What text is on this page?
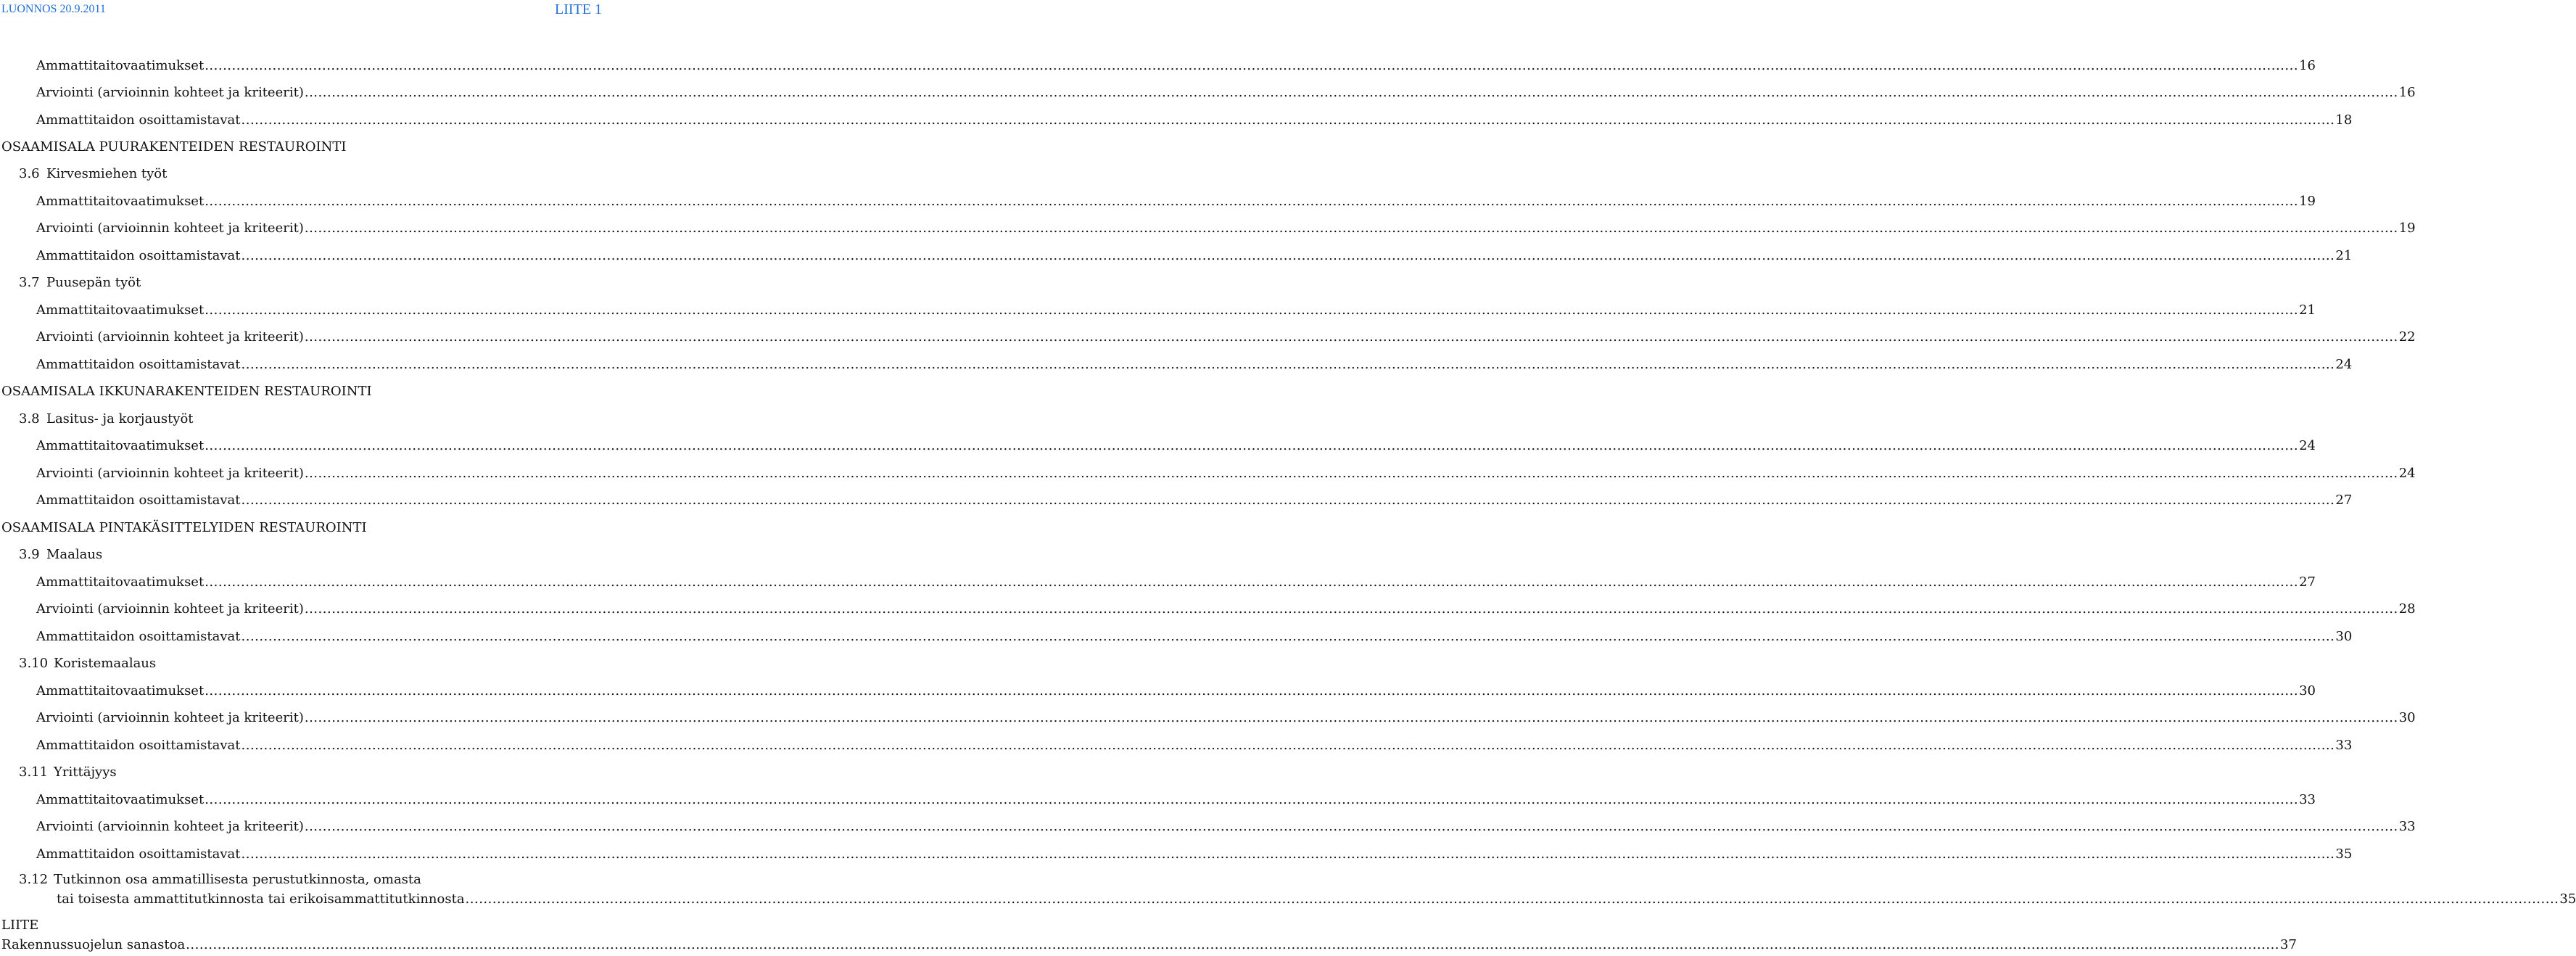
LUONNOS 20.9.2011	LIITE 1
Ammattitaitovaatimukset ................................................................................................................................................................................................................................................................................................................................................................................................................................................................................ 16
Arviointi (arvioinnin kohteet ja kriteerit) ................................................................................................................................................................................................................................................................................................................................................................................................................................................................................ 16
Ammattitaidon osoittamistavat ................................................................................................................................................................................................................................................................................................................................................................................................................................................................................ 18
OSAAMISALA PUURAKENTEIDEN RESTAUROINTI
3.6 Kirvesmiehen työt
Ammattitaitovaatimukset ................................................................................................................................................................................................................................................................................................................................................................................................................................................................................ 19
Arviointi (arvioinnin kohteet ja kriteerit) ................................................................................................................................................................................................................................................................................................................................................................................................................................................................................ 19
Ammattitaidon osoittamistavat ................................................................................................................................................................................................................................................................................................................................................................................................................................................................................ 21
3.7 Puusepän työt
Ammattitaitovaatimukset ................................................................................................................................................................................................................................................................................................................................................................................................................................................................................ 21
Arviointi (arvioinnin kohteet ja kriteerit) ................................................................................................................................................................................................................................................................................................................................................................................................................................................................................ 22
Ammattitaidon osoittamistavat ................................................................................................................................................................................................................................................................................................................................................................................................................................................................................ 24
OSAAMISALA IKKUNARAKENTEIDEN RESTAUROINTI
3.8 Lasitus- ja korjaustyöt
Ammattitaitovaatimukset ................................................................................................................................................................................................................................................................................................................................................................................................................................................................................ 24
Arviointi (arvioinnin kohteet ja kriteerit) ................................................................................................................................................................................................................................................................................................................................................................................................................................................................................ 24
Ammattitaidon osoittamistavat ................................................................................................................................................................................................................................................................................................................................................................................................................................................................................ 27
OSAAMISALA PINTAKÄSITTELYIDEN RESTAUROINTI
3.9 Maalaus
Ammattitaitovaatimukset ................................................................................................................................................................................................................................................................................................................................................................................................................................................................................ 27
Arviointi (arvioinnin kohteet ja kriteerit) ................................................................................................................................................................................................................................................................................................................................................................................................................................................................................ 28
Ammattitaidon osoittamistavat ................................................................................................................................................................................................................................................................................................................................................................................................................................................................................ 30
3.10 Koristemaalaus
Ammattitaitovaatimukset ................................................................................................................................................................................................................................................................................................................................................................................................................................................................................ 30
Arviointi (arvioinnin kohteet ja kriteerit) ................................................................................................................................................................................................................................................................................................................................................................................................................................................................................ 30
Ammattitaidon osoittamistavat ................................................................................................................................................................................................................................................................................................................................................................................................................................................................................ 33
3.11 Yrittäjyys
Ammattitaitovaatimukset ................................................................................................................................................................................................................................................................................................................................................................................................................................................................................ 33
Arviointi (arvioinnin kohteet ja kriteerit) ................................................................................................................................................................................................................................................................................................................................................................................................................................................................................ 33
Ammattitaidon osoittamistavat ................................................................................................................................................................................................................................................................................................................................................................................................................................................................................ 35
3.12 Tutkinnon osa ammatillisesta perustutkinnosta, omasta
tai toisesta ammattitutkinnosta tai erikoisammattitutkinnosta ................................................................................................................................................................................................................................................................................................................................................................................................................................................................................ 35
LIITE
Rakennussuojelun sanastoa ................................................................................................................................................................................................................................................................................................................................................................................................................................................................................ 37
